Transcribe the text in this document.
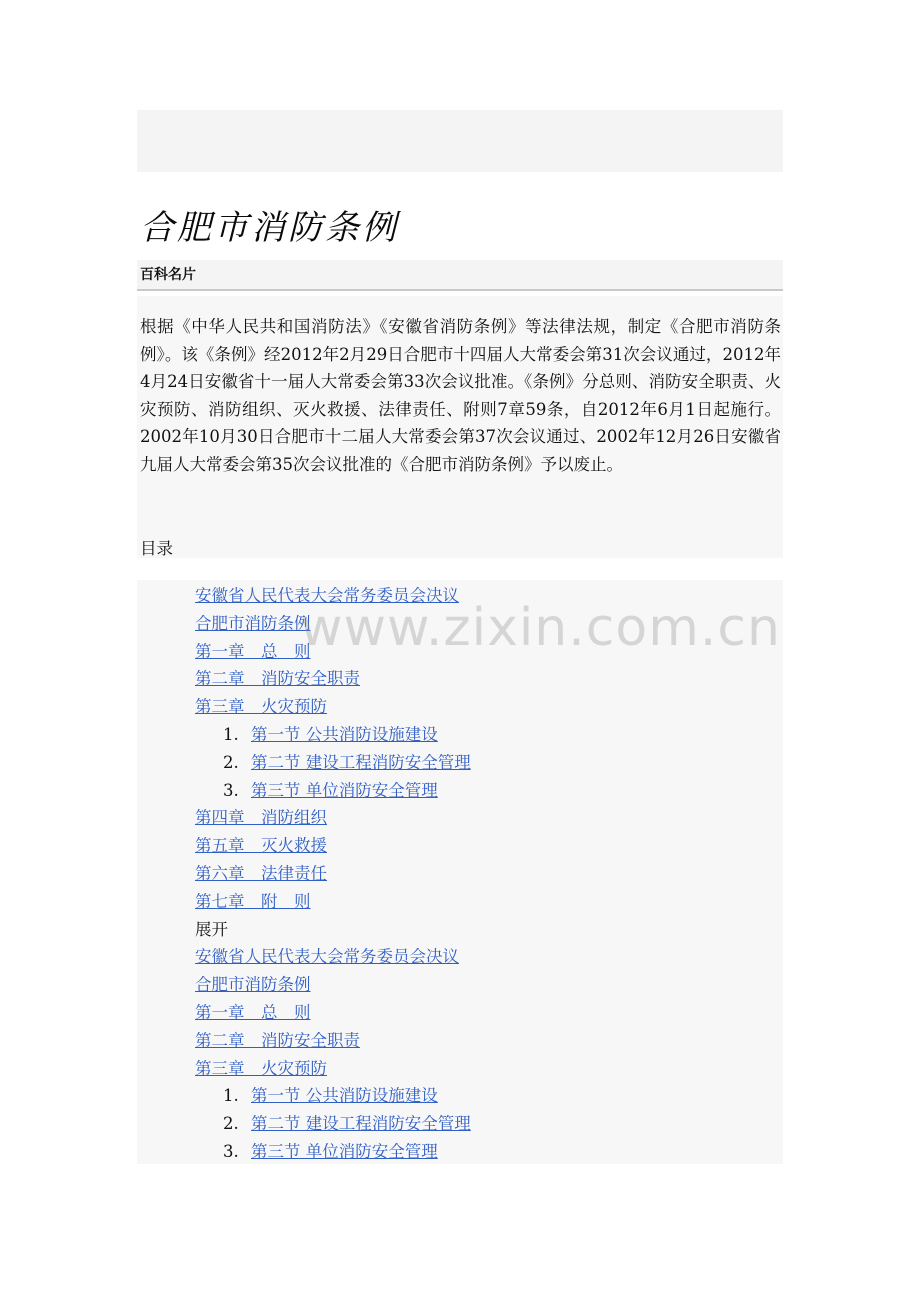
合肥市消防条例
百科名片

根据《中华人民共和国消防法》《安徽省消防条例》等法律法规，制定《合肥市消防条例》。该《条例》经2012年2月29日合肥市十四届人大常委会第31次会议通过，2012年4月24日安徽省十一届人大常委会第33次会议批准。《条例》分总则、消防安全职责、火灾预防、消防组织、灭火救援、法律责任、附则7章59条，自2012年6月1日起施行。2002年10月30日合肥市十二届人大常委会第37次会议通过、2002年12月26日安徽省九届人大常委会第35次会议批准的《合肥市消防条例》予以废止。

目录

安徽省人民代表大会常务委员会决议
合肥市消防条例
第一章　总　则
第二章　消防安全职责
第三章　火灾预防
1. 第一节 公共消防设施建设
2. 第二节 建设工程消防安全管理
3. 第三节 单位消防安全管理
第四章　消防组织
第五章　灭火救援
第六章　法律责任
第七章　附　则
展开
安徽省人民代表大会常务委员会决议
合肥市消防条例
第一章　总　则
第二章　消防安全职责
第三章　火灾预防
1. 第一节 公共消防设施建设
2. 第二节 建设工程消防安全管理
3. 第三节 单位消防安全管理
www.zixin.com.cn
